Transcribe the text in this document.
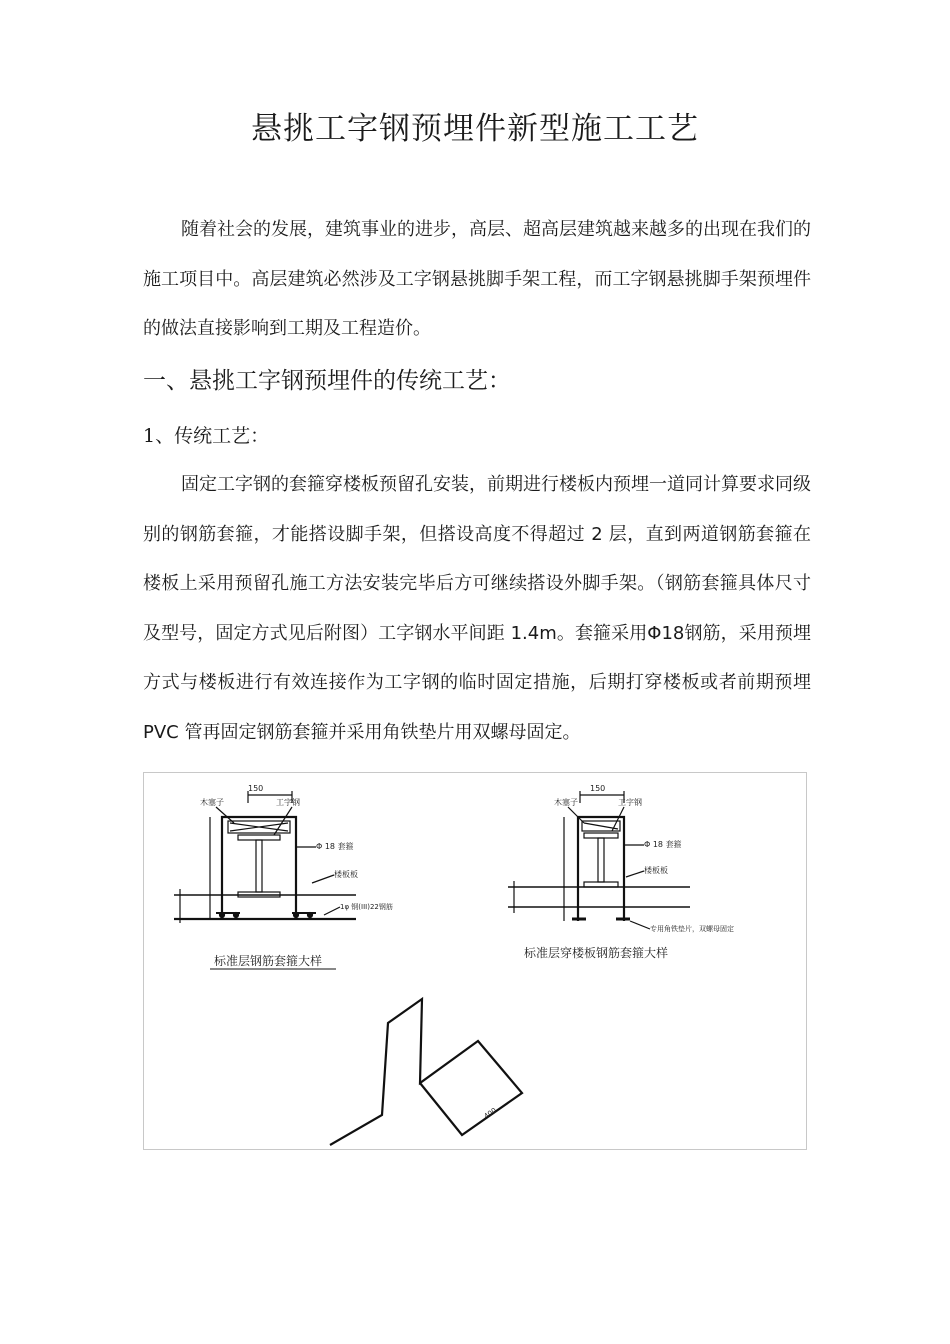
悬挑工字钢预埋件新型施工工艺

随着社会的发展，建筑事业的进步，高层、超高层建筑越来越多的出现在我们的施工项目中。高层建筑必然涉及工字钢悬挑脚手架工程，而工字钢悬挑脚手架预埋件的做法直接影响到工期及工程造价。

一、悬挑工字钢预埋件的传统工艺：
1、传统工艺：

固定工字钢的套箍穿楼板预留孔安装，前期进行楼板内预埋一道同计算要求同级别的钢筋套箍，才能搭设脚手架，但搭设高度不得超过 2 层，直到两道钢筋套箍在楼板上采用预留孔施工方法安装完毕后方可继续搭设外脚手架。（钢筋套箍具体尺寸及型号，固定方式见后附图）工字钢水平间距 1.4m。套箍采用Φ18钢筋，采用预埋方式与楼板进行有效连接作为工字钢的临时固定措施，后期打穿楼板或者前期预埋 PVC 管再固定钢筋套箍并采用角铁垫片用双螺母固定。

150
木塞子	工字钢
Φ 18 套箍
楼板板
1φ 钢(III)22钢筋
150
木塞子	工字钢
Φ 18 套箍
楼板板
专用角铁垫片，双螺母固定
标准层钢筋套箍大样
标准层穿楼板钢筋套箍大样
400
